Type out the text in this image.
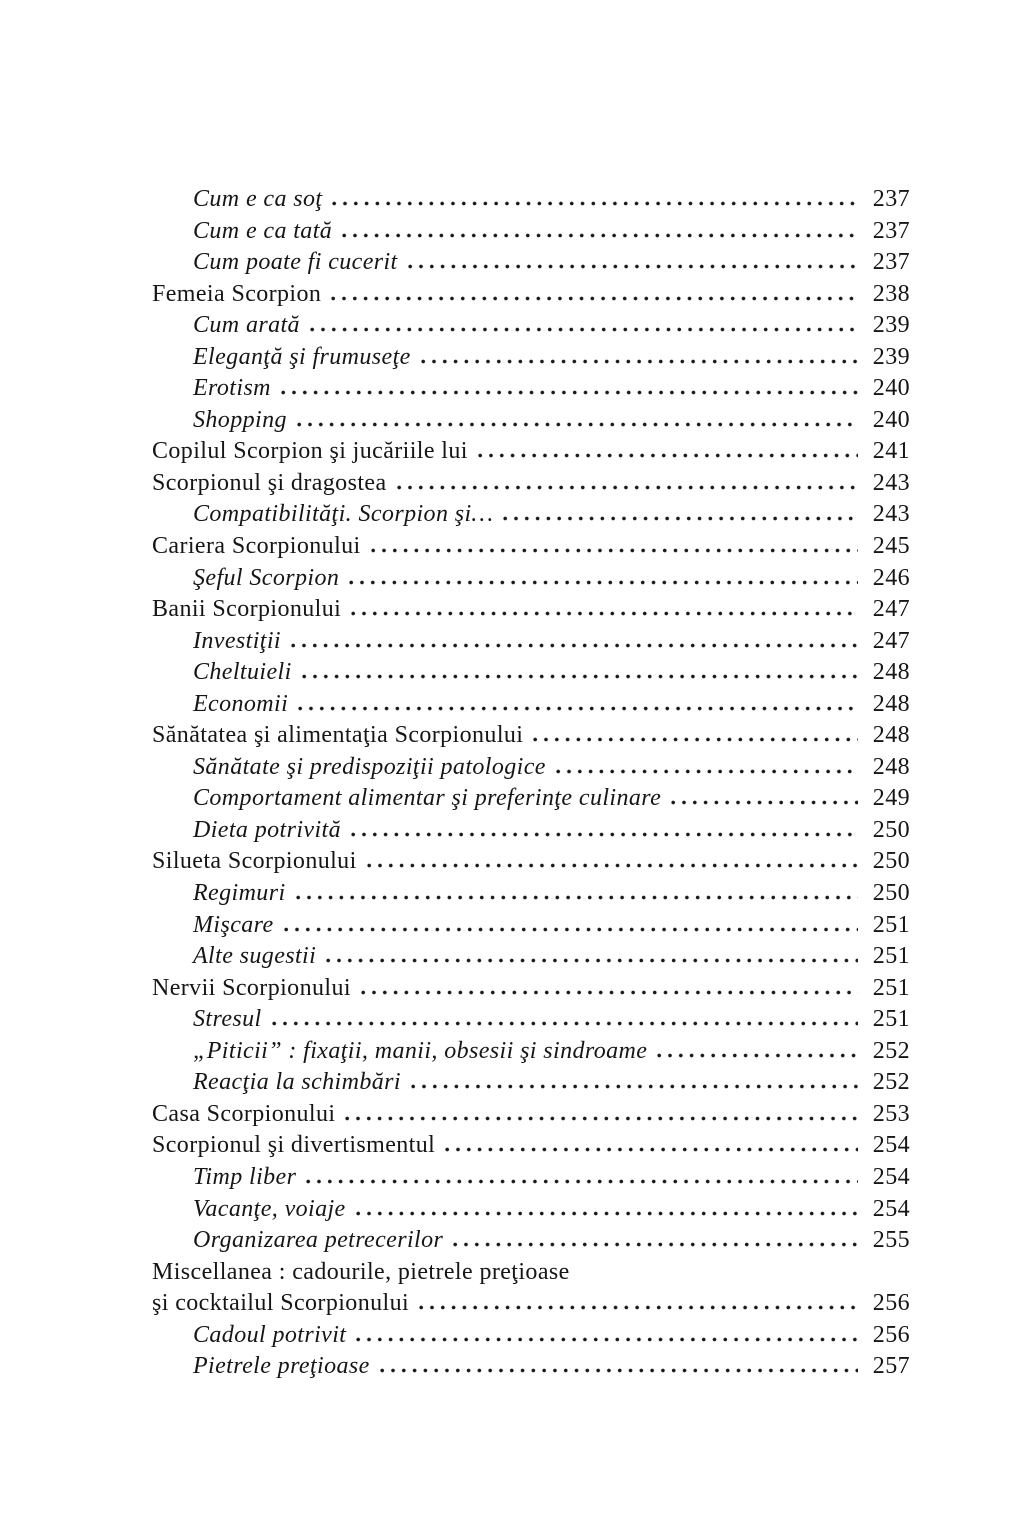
Cum e ca soţ	237
Cum e ca tată	237
Cum poate fi cucerit	237
Femeia Scorpion	238
Cum arată	239
Eleganţă şi frumuseţe	239
Erotism	240
Shopping	240
Copilul Scorpion şi jucăriile lui	241
Scorpionul şi dragostea	243
Compatibilităţi. Scorpion şi…	243
Cariera Scorpionului	245
Şeful Scorpion	246
Banii Scorpionului	247
Investiţii	247
Cheltuieli	248
Economii	248
Sănătatea şi alimentaţia Scorpionului	248
Sănătate şi predispoziţii patologice	248
Comportament alimentar şi preferinţe culinare	249
Dieta potrivită	250
Silueta Scorpionului	250
Regimuri	250
Mişcare	251
Alte sugestii	251
Nervii Scorpionului	251
Stresul	251
„Piticii” : fixaţii, manii, obsesii şi sindroame	252
Reacţia la schimbări	252
Casa Scorpionului	253
Scorpionul şi divertismentul	254
Timp liber	254
Vacanţe, voiaje	254
Organizarea petrecerilor	255
Miscellanea : cadourile, pietrele preţioase
şi cocktailul Scorpionului	256
Cadoul potrivit	256
Pietrele preţioase	257
